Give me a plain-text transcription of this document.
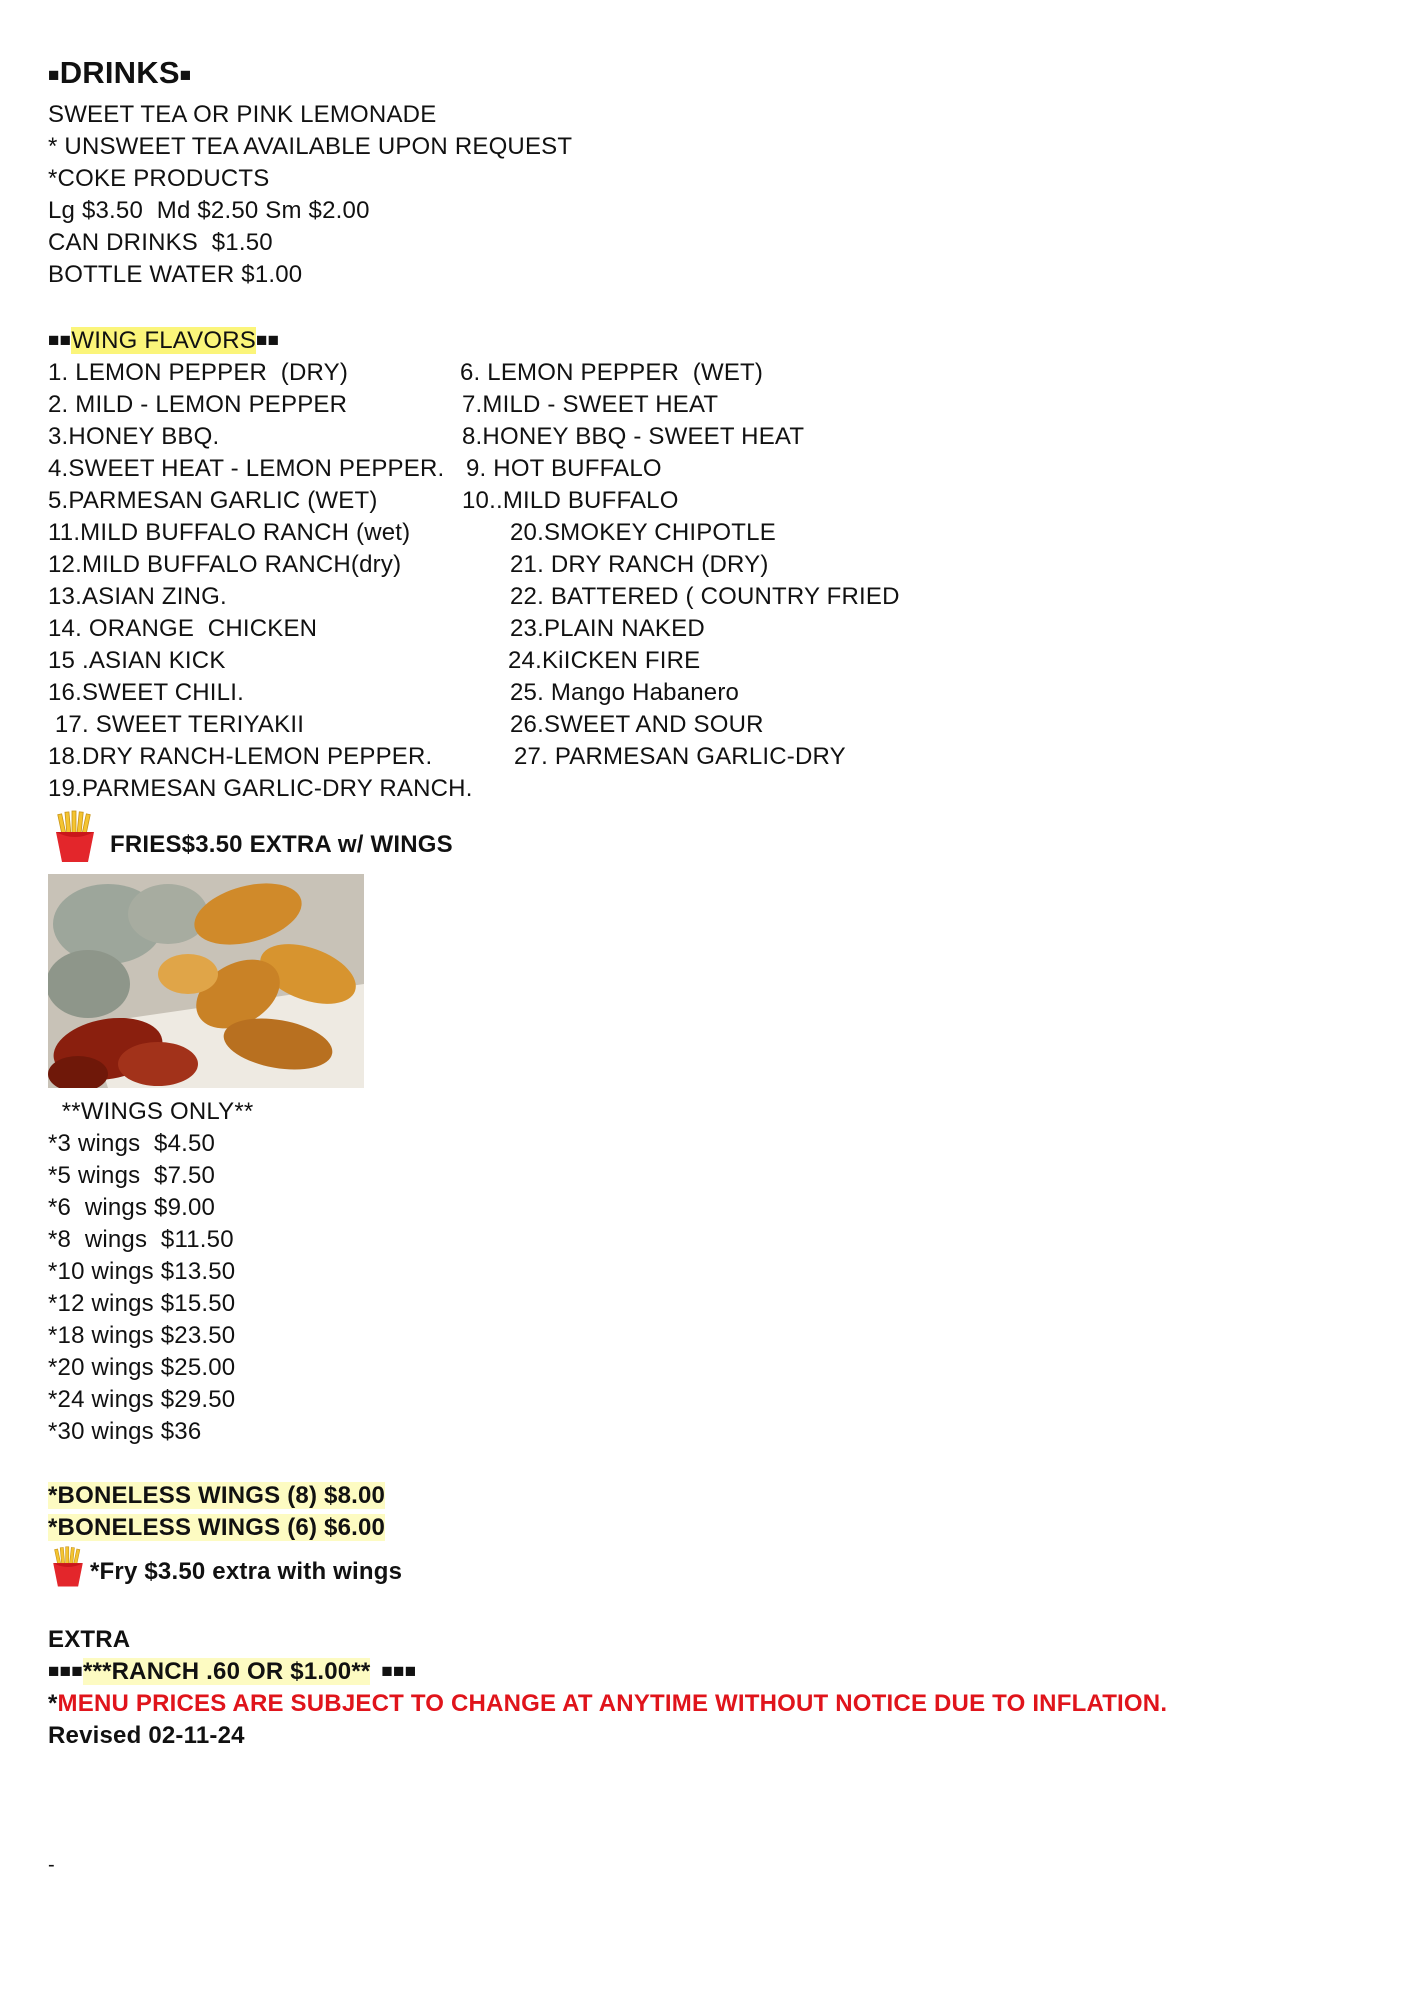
■DRINKS■
SWEET TEA OR PINK LEMONADE
* UNSWEET TEA AVAILABLE UPON REQUEST
*COKE PRODUCTS
Lg $3.50  Md $2.50 Sm $2.00
CAN DRINKS  $1.50
BOTTLE WATER $1.00
■■WING FLAVORS■■
1. LEMON PEPPER  (DRY)
2. MILD - LEMON PEPPER
3.HONEY BBQ.
4.SWEET HEAT - LEMON PEPPER.
5.PARMESAN GARLIC (WET)
11.MILD BUFFALO RANCH (wet)
12.MILD BUFFALO RANCH(dry)
13.ASIAN ZING.
14. ORANGE  CHICKEN
15 .ASIAN KICK
16.SWEET CHILI.
17. SWEET TERIYAKII
18.DRY RANCH-LEMON PEPPER.
19.PARMESAN GARLIC-DRY RANCH.
6. LEMON PEPPER  (WET)
7.MILD - SWEET HEAT
8.HONEY BBQ - SWEET HEAT
9. HOT BUFFALO
10..MILD BUFFALO
20.SMOKEY CHIPOTLE
21. DRY RANCH (DRY)
22. BATTERED ( COUNTRY FRIED
23.PLAIN NAKED
24.KiICKEN FIRE
25. Mango Habanero
26.SWEET AND SOUR
27. PARMESAN GARLIC-DRY
FRIES$3.50 EXTRA w/ WINGS
**WINGS ONLY**
*3 wings  $4.50
*5 wings  $7.50
*6  wings $9.00
*8  wings  $11.50
*10 wings $13.50
*12 wings $15.50
*18 wings $23.50
*20 wings $25.00
*24 wings $29.50
*30 wings $36
*BONELESS WINGS (8) $8.00
*BONELESS WINGS (6) $6.00
*Fry $3.50 extra with wings
EXTRA
■■■***RANCH .60 OR $1.00**  ■■■
*MENU PRICES ARE SUBJECT TO CHANGE AT ANYTIME WITHOUT NOTICE DUE TO INFLATION.
Revised 02-11-24
-
